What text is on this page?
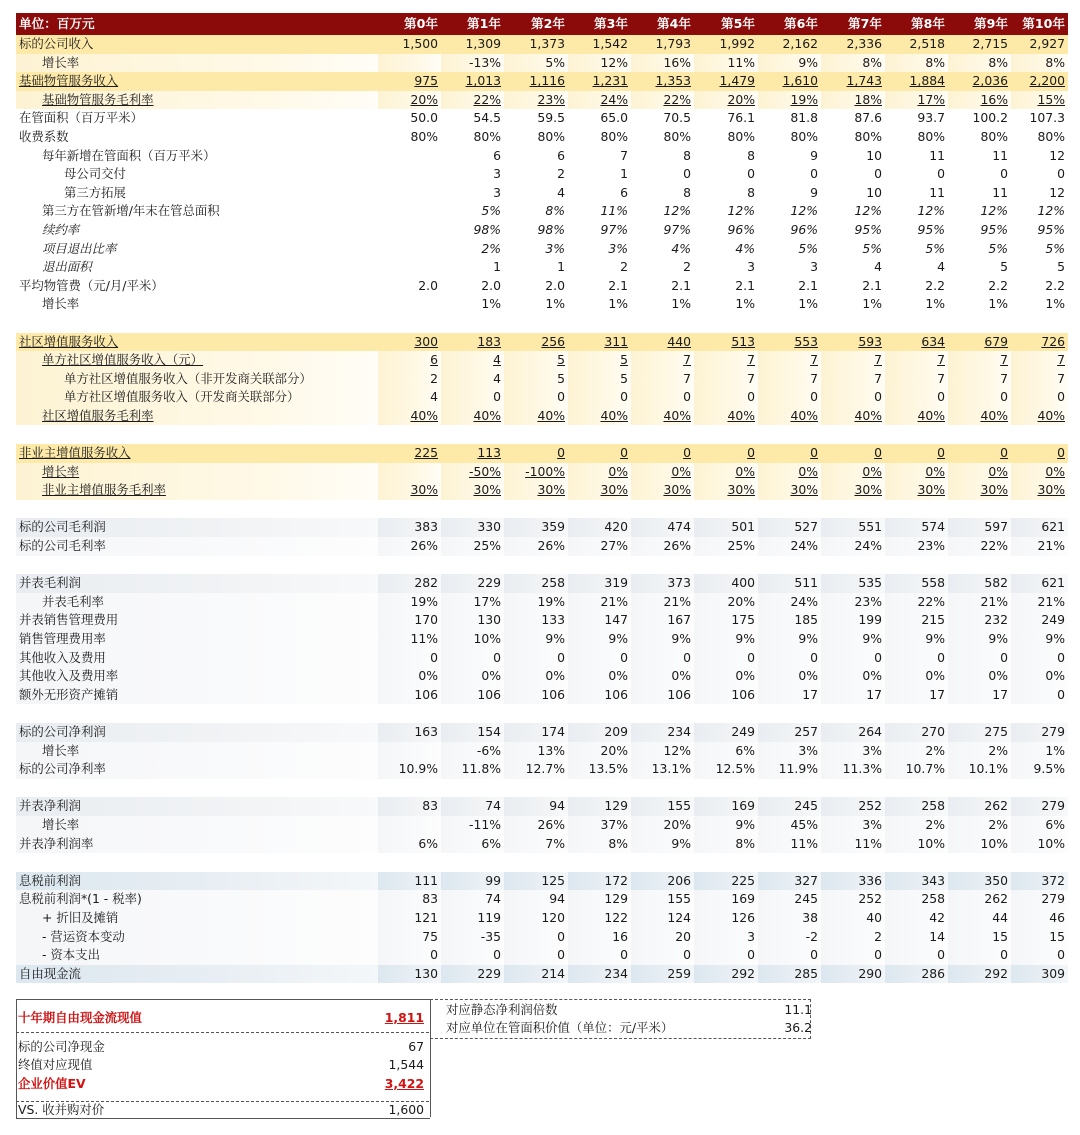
单位：百万元	第0年	第1年	第2年	第3年	第4年	第5年	第6年	第7年	第8年	第9年	第10年
标的公司收入	1,500	1,309	1,373	1,542	1,793	1,992	2,162	2,336	2,518	2,715	2,927
增长率		-13%	5%	12%	16%	11%	9%	8%	8%	8%	8%
基础物管服务收入	975	1,013	1,116	1,231	1,353	1,479	1,610	1,743	1,884	2,036	2,200
基础物管服务毛利率	20%	22%	23%	24%	22%	20%	19%	18%	17%	16%	15%
在管面积（百万平米）	50.0	54.5	59.5	65.0	70.5	76.1	81.8	87.6	93.7	100.2	107.3
收费系数	80%	80%	80%	80%	80%	80%	80%	80%	80%	80%	80%
每年新增在管面积（百万平米）		6	6	7	8	8	9	10	11	11	12
母公司交付		3	2	1	0	0	0	0	0	0	0
第三方拓展		3	4	6	8	8	9	10	11	11	12
第三方在管新增/年末在管总面积		5%	8%	11%	12%	12%	12%	12%	12%	12%	12%
续约率		98%	98%	97%	97%	96%	96%	95%	95%	95%	95%
项目退出比率		2%	3%	3%	4%	4%	5%	5%	5%	5%	5%
退出面积		1	1	2	2	3	3	4	4	5	5
平均物管费（元/月/平米）	2.0	2.0	2.0	2.1	2.1	2.1	2.1	2.1	2.2	2.2	2.2
增长率		1%	1%	1%	1%	1%	1%	1%	1%	1%	1%

社区增值服务收入	300	183	256	311	440	513	553	593	634	679	726
单方社区增值服务收入（元）	6	4	5	5	7	7	7	7	7	7	7
单方社区增值服务收入（非开发商关联部分）	2	4	5	5	7	7	7	7	7	7	7
单方社区增值服务收入（开发商关联部分）	4	0	0	0	0	0	0	0	0	0	0
社区增值服务毛利率	40%	40%	40%	40%	40%	40%	40%	40%	40%	40%	40%

非业主增值服务收入	225	113	0	0	0	0	0	0	0	0	0
增长率		-50%	-100%	0%	0%	0%	0%	0%	0%	0%	0%
非业主增值服务毛利率	30%	30%	30%	30%	30%	30%	30%	30%	30%	30%	30%

标的公司毛利润	383	330	359	420	474	501	527	551	574	597	621
标的公司毛利率	26%	25%	26%	27%	26%	25%	24%	24%	23%	22%	21%

并表毛利润	282	229	258	319	373	400	511	535	558	582	621
并表毛利率	19%	17%	19%	21%	21%	20%	24%	23%	22%	21%	21%
并表销售管理费用	170	130	133	147	167	175	185	199	215	232	249
销售管理费用率	11%	10%	9%	9%	9%	9%	9%	9%	9%	9%	9%
其他收入及费用	0	0	0	0	0	0	0	0	0	0	0
其他收入及费用率	0%	0%	0%	0%	0%	0%	0%	0%	0%	0%	0%
额外无形资产摊销	106	106	106	106	106	106	17	17	17	17	0

标的公司净利润	163	154	174	209	234	249	257	264	270	275	279
增长率		-6%	13%	20%	12%	6%	3%	3%	2%	2%	1%
标的公司净利率	10.9%	11.8%	12.7%	13.5%	13.1%	12.5%	11.9%	11.3%	10.7%	10.1%	9.5%

并表净利润	83	74	94	129	155	169	245	252	258	262	279
增长率		-11%	26%	37%	20%	9%	45%	3%	2%	2%	6%
并表净利润率	6%	6%	7%	8%	9%	8%	11%	11%	10%	10%	10%

息税前利润	111	99	125	172	206	225	327	336	343	350	372
息税前利润*(1 - 税率)	83	74	94	129	155	169	245	252	258	262	279
+ 折旧及摊销	121	119	120	122	124	126	38	40	42	44	46
- 营运资本变动	75	-35	0	16	20	3	-2	2	14	15	15
- 资本支出	0	0	0	0	0	0	0	0	0	0	0
自由现金流	130	229	214	234	259	292	285	290	286	292	309
十年期自由现金流现值	1,811
标的公司净现金	67
终值对应现值	1,544
企业价值EV	3,422
VS. 收并购对价	1,600
对应静态净利润倍数	11.1
对应单位在管面积价值（单位：元/平米）	36.2
